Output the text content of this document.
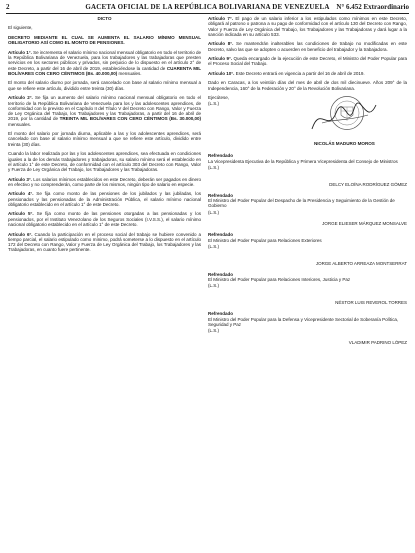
2	GACETA OFICIAL DE LA REPÚBLICA BOLIVARIANA DE VENEZUELA N° 6.452 Extraordinario

DICTO

El siguiente,

DECRETO MEDIANTE EL CUAL SE AUMENTA EL SALARIO MÍNIMO MENSUAL OBLIGATORIO ASÍ COMO EL MONTO DE PENSIONES.

Artículo 1°. Se incrementa el salario mínimo nacional mensual obligatorio en todo el territorio de la República Bolivariana de Venezuela, para los trabajadores y las trabajadoras que presten servicios en los sectores públicos y privados, sin perjuicio de lo dispuesto en el artículo 2° de este Decreto, a partir del 16 de abril de 2019, estableciéndose la cantidad de CUARENTA MIL BOLÍVARES CON CERO CÉNTIMOS (Bs. 40.000,00) mensuales.

El monto del salario diurno por jornada, será cancelado con base al salario mínimo mensual a que se refiere este artículo, dividido entre treinta (30) días.

Artículo 2°. Se fija un aumento del salario mínimo nacional mensual obligatorio en todo el territorio de la República Bolivariana de Venezuela para los y las adolescentes aprendices, de conformidad con lo previsto en el Capítulo II del Título V del Decreto con Rango, Valor y Fuerza de Ley Orgánica del Trabajo, los Trabajadores y las Trabajadoras, a partir del 16 de abril de 2019, por la cantidad de TREINTA MIL BOLÍVARES CON CERO CÉNTIMOS (Bs. 30.000,00) mensuales.

El monto del salario por jornada diurna, aplicable a las y los adolescentes aprendices, será cancelado con base al salario mínimo mensual a que se refiere este artículo, dividido entre treinta (30) días.

Cuando la labor realizada por las y los adolescentes aprendices, sea efectuada en condiciones iguales a la de los demás trabajadores y trabajadoras, su salario mínimo será el establecido en el artículo 1° de este Decreto, de conformidad con el artículo 303 del Decreto con Rango, Valor y Fuerza de Ley Orgánica del Trabajo, los Trabajadores y las Trabajadoras.

Artículo 3°. Los salarios mínimos establecidos en este Decreto, deberán ser pagados en dinero en efectivo y no comprenderán, como parte de los mismos, ningún tipo de salario en especie.

Artículo 4°. Se fija como monto de las pensiones de los jubilados y las jubiladas, los pensionados y las pensionadas de la Administración Pública, el salario mínimo nacional obligatorio establecido en el artículo 1° de este Decreto.

Artículo 5°. Se fija como monto de las pensiones otorgadas a las pensionadas y los pensionados, por el Instituto Venezolano de los Seguros Sociales (I.V.S.S.), el salario mínimo nacional obligatorio establecido en el artículo 1° de este Decreto.

Artículo 6°. Cuando la participación en el proceso social del trabajo se hubiere convenido a tiempo parcial, el salario estipulado como mínimo, podrá someterse a lo dispuesto en el artículo 172 del Decreto con Rango, Valor y Fuerza de Ley Orgánica del Trabajo, los Trabajadores y las Trabajadoras, en cuanto fuere pertinente.

Artículo 7°. El pago de un salario inferior a los estipulados como mínimos en este Decreto, obligará al patrono o patrona a su pago de conformidad con el artículo 130 del Decreto con Rango, Valor y Fuerza de Ley Orgánica del Trabajo, los Trabajadores y las Trabajadoras y dará lugar a la sanción indicada en su artículo 533.

Artículo 8°. Se mantendrán inalterables las condiciones de trabajo no modificadas en este Decreto, salvo las que se adopten o acuerden en beneficio del trabajador y la trabajadora.

Artículo 9°. Queda encargado de la ejecución de este Decreto, el Ministro del Poder Popular para el Proceso Social del Trabajo.

Artículo 10°. Este Decreto entrará en vigencia a partir del 16 de abril de 2019.

Dado en Caracas, a los veintiún días del mes de abril de dos mil diecinueve. Años 209° de la Independencia, 160° de la Federación y 20° de la Revolución Bolivariana.

Ejecútese,
(L.S.)
NICOLÁS MADURO MOROS
Refrendado
La Vicepresidenta Ejecutiva de la República y Primera Vicepresidenta del Consejo de Ministros
(L.S.)
DELCY ELOÍNA RODRÍGUEZ GÓMEZ
Refrendado
El Ministro del Poder Popular del Despacho de la Presidencia y Seguimiento de la Gestión de Gobierno
(L.S.)
JORGE ELIESER MÁRQUEZ MONSALVE
Refrendado
El Ministro del Poder Popular para Relaciones Exteriores
(L.S.)
JORGE ALBERTO ARREAZA MONTSERRAT
Refrendado
El Ministro del Poder Popular para Relaciones Interiores, Justicia y Paz
(L.S.)
NÉSTOR LUIS REVEROL TORRES
Refrendado
El Ministro del Poder Popular para la Defensa y Vicepresidente Sectorial de Soberanía Política, Seguridad y Paz
(L.S.)
VLADIMIR PADRINO LÓPEZ
